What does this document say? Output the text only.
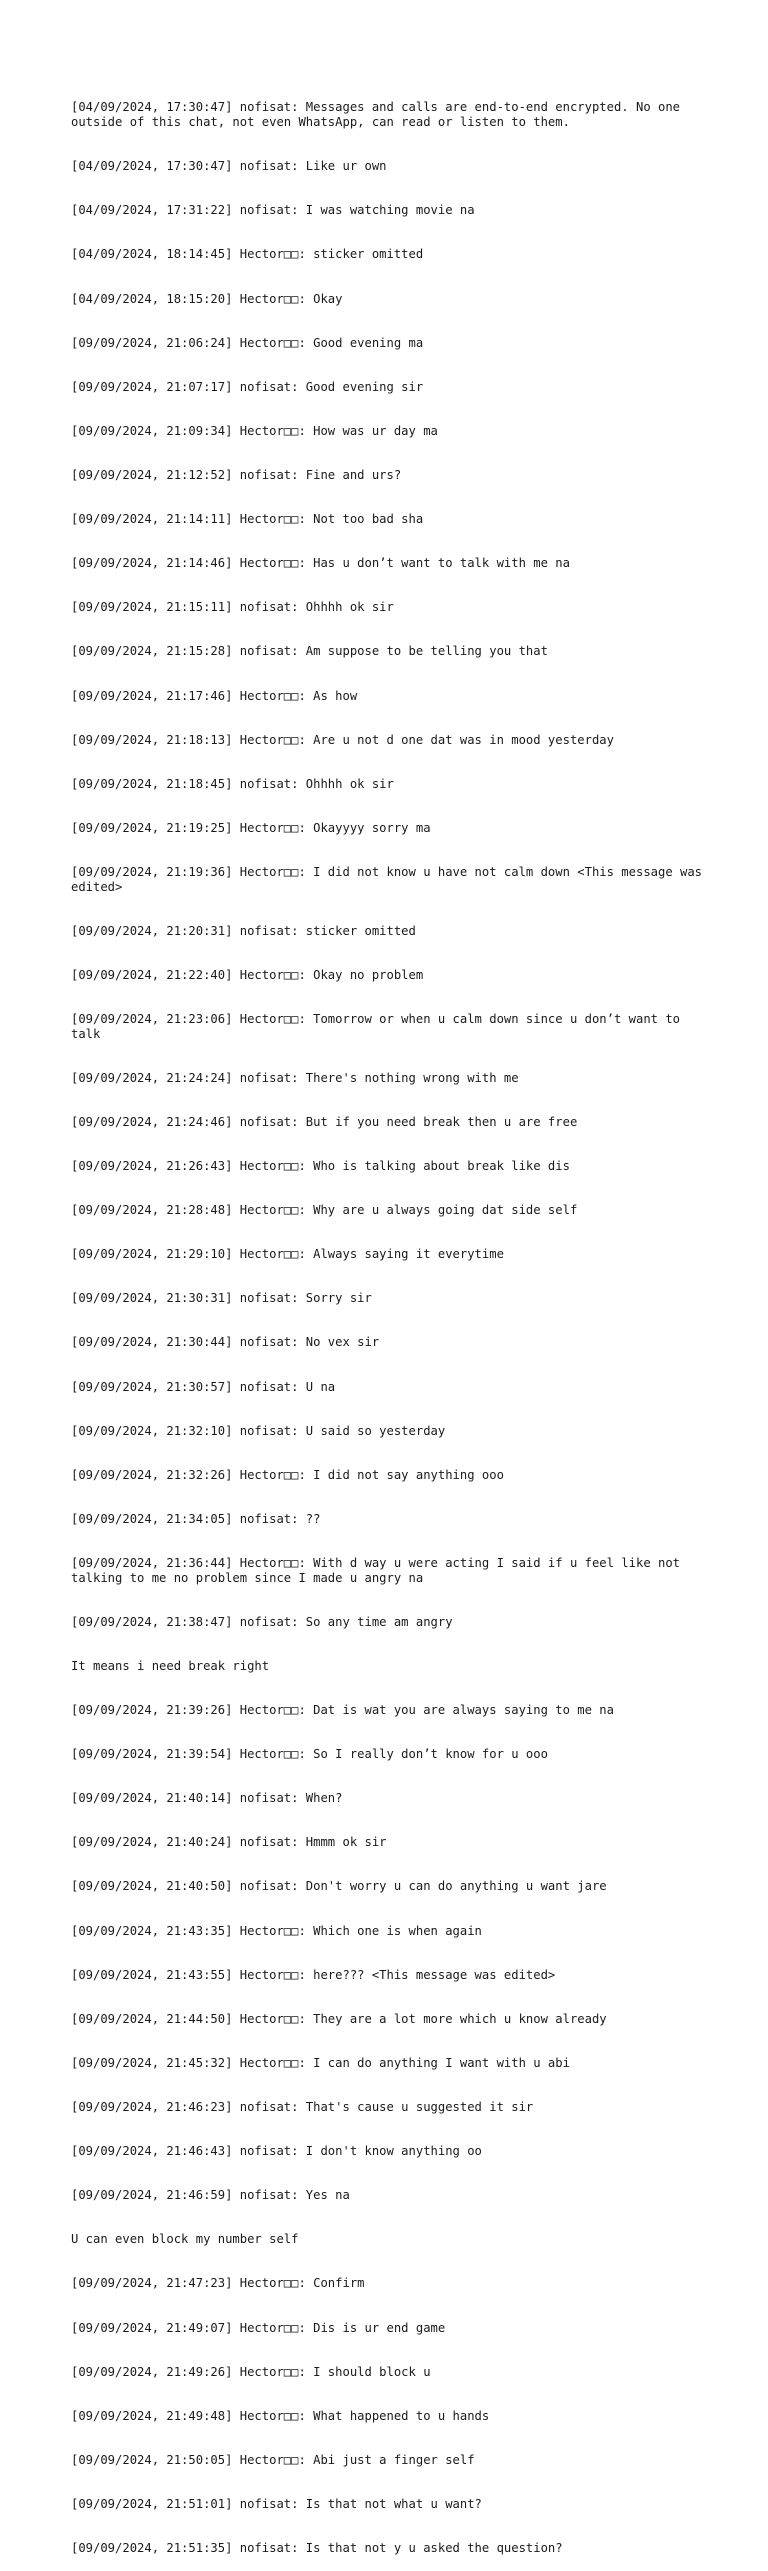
[04/09/2024, 17:30:47] nofisat: Messages and calls are end-to-end encrypted. No one outside of this chat, not even WhatsApp, can read or listen to them.

[04/09/2024, 17:30:47] nofisat: Like ur own

[04/09/2024, 17:31:22] nofisat: I was watching movie na

[04/09/2024, 18:14:45] Hector□□: sticker omitted

[04/09/2024, 18:15:20] Hector□□: Okay

[09/09/2024, 21:06:24] Hector□□: Good evening ma

[09/09/2024, 21:07:17] nofisat: Good evening sir

[09/09/2024, 21:09:34] Hector□□: How was ur day ma

[09/09/2024, 21:12:52] nofisat: Fine and urs?

[09/09/2024, 21:14:11] Hector□□: Not too bad sha

[09/09/2024, 21:14:46] Hector□□: Has u don’t want to talk with me na

[09/09/2024, 21:15:11] nofisat: Ohhhh ok sir

[09/09/2024, 21:15:28] nofisat: Am suppose to be telling you that

[09/09/2024, 21:17:46] Hector□□: As how

[09/09/2024, 21:18:13] Hector□□: Are u not d one dat was in mood yesterday

[09/09/2024, 21:18:45] nofisat: Ohhhh ok sir

[09/09/2024, 21:19:25] Hector□□: Okayyyy sorry ma

[09/09/2024, 21:19:36] Hector□□: I did not know u have not calm down <This message was edited>

[09/09/2024, 21:20:31] nofisat: sticker omitted

[09/09/2024, 21:22:40] Hector□□: Okay no problem

[09/09/2024, 21:23:06] Hector□□: Tomorrow or when u calm down since u don’t want to talk

[09/09/2024, 21:24:24] nofisat: There's nothing wrong with me

[09/09/2024, 21:24:46] nofisat: But if you need break then u are free

[09/09/2024, 21:26:43] Hector□□: Who is talking about break like dis

[09/09/2024, 21:28:48] Hector□□: Why are u always going dat side self

[09/09/2024, 21:29:10] Hector□□: Always saying it everytime

[09/09/2024, 21:30:31] nofisat: Sorry sir

[09/09/2024, 21:30:44] nofisat: No vex sir

[09/09/2024, 21:30:57] nofisat: U na

[09/09/2024, 21:32:10] nofisat: U said so yesterday

[09/09/2024, 21:32:26] Hector□□: I did not say anything ooo

[09/09/2024, 21:34:05] nofisat: ??

[09/09/2024, 21:36:44] Hector□□: With d way u were acting I said if u feel like not talking to me no problem since I made u angry na

[09/09/2024, 21:38:47] nofisat: So any time am angry

It means i need break right

[09/09/2024, 21:39:26] Hector□□: Dat is wat you are always saying to me na

[09/09/2024, 21:39:54] Hector□□: So I really don’t know for u ooo

[09/09/2024, 21:40:14] nofisat: When?

[09/09/2024, 21:40:24] nofisat: Hmmm ok sir

[09/09/2024, 21:40:50] nofisat: Don't worry u can do anything u want jare

[09/09/2024, 21:43:35] Hector□□: Which one is when again

[09/09/2024, 21:43:55] Hector□□: here??? <This message was edited>

[09/09/2024, 21:44:50] Hector□□: They are a lot more which u know already

[09/09/2024, 21:45:32] Hector□□: I can do anything I want with u abi

[09/09/2024, 21:46:23] nofisat: That's cause u suggested it sir

[09/09/2024, 21:46:43] nofisat: I don't know anything oo

[09/09/2024, 21:46:59] nofisat: Yes na

U can even block my number self

[09/09/2024, 21:47:23] Hector□□: Confirm

[09/09/2024, 21:49:07] Hector□□: Dis is ur end game

[09/09/2024, 21:49:26] Hector□□: I should block u

[09/09/2024, 21:49:48] Hector□□: What happened to u hands

[09/09/2024, 21:50:05] Hector□□: Abi just a finger self

[09/09/2024, 21:51:01] nofisat: Is that not what u want?

[09/09/2024, 21:51:35] nofisat: Is that not y u asked the question?
